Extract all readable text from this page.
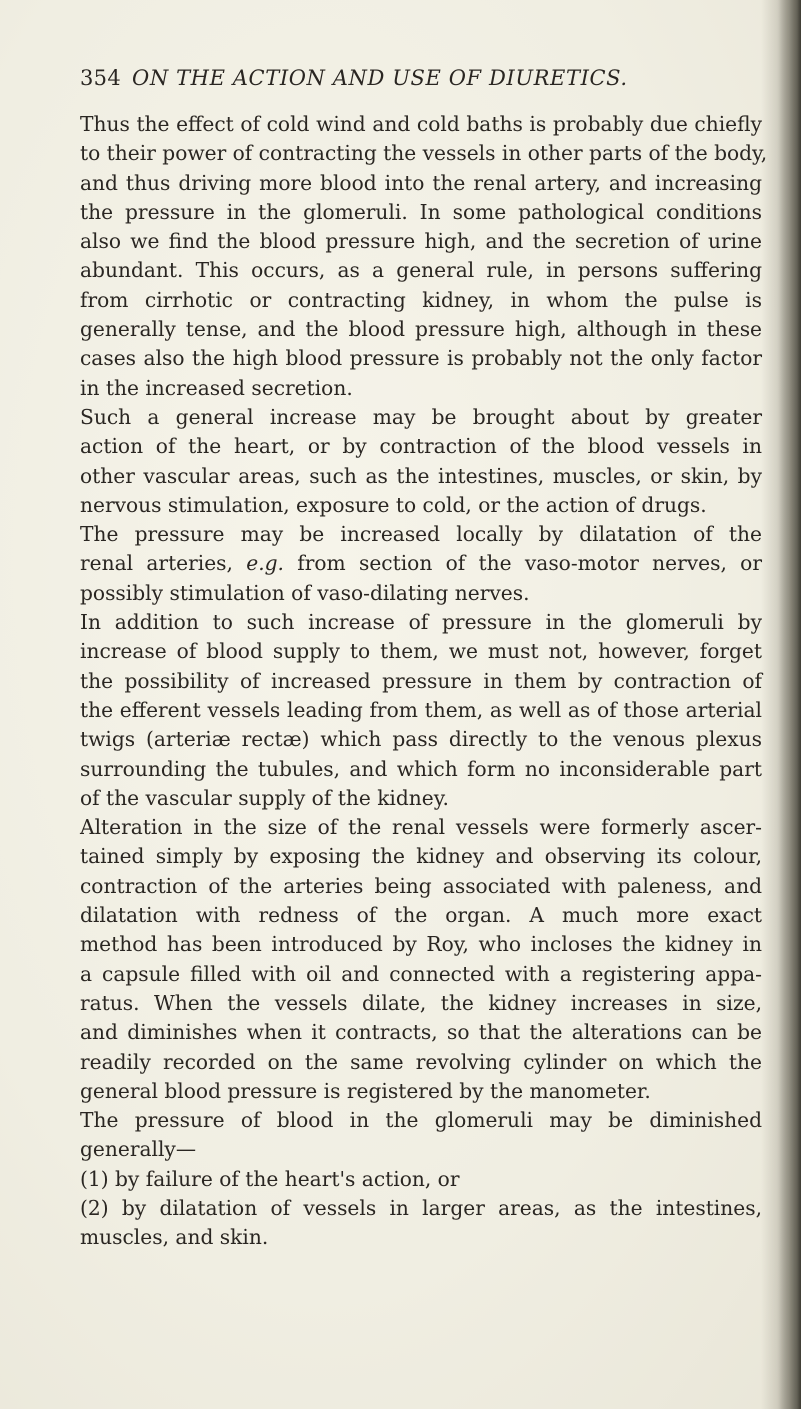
354 ON THE ACTION AND USE OF DIURETICS.
Thus the effect of cold wind and cold baths is probably due chiefly
to their power of contracting the vessels in other parts of the body,
and thus driving more blood into the renal artery, and increasing
the pressure in the glomeruli. In some pathological conditions
also we find the blood pressure high, and the secretion of urine
abundant. This occurs, as a general rule, in persons suffering
from cirrhotic or contracting kidney, in whom the pulse is
generally tense, and the blood pressure high, although in these
cases also the high blood pressure is probably not the only factor
in the increased secretion.
Such a general increase may be brought about by greater
action of the heart, or by contraction of the blood vessels in
other vascular areas, such as the intestines, muscles, or skin, by
nervous stimulation, exposure to cold, or the action of drugs.
The pressure may be increased locally by dilatation of the
renal arteries, e.g. from section of the vaso-motor nerves, or
possibly stimulation of vaso-dilating nerves.
In addition to such increase of pressure in the glomeruli by
increase of blood supply to them, we must not, however, forget
the possibility of increased pressure in them by contraction of
the efferent vessels leading from them, as well as of those arterial
twigs (arteriæ rectæ) which pass directly to the venous plexus
surrounding the tubules, and which form no inconsiderable part
of the vascular supply of the kidney.
Alteration in the size of the renal vessels were formerly ascer-
tained simply by exposing the kidney and observing its colour,
contraction of the arteries being associated with paleness, and
dilatation with redness of the organ. A much more exact
method has been introduced by Roy, who incloses the kidney in
a capsule filled with oil and connected with a registering appa-
ratus. When the vessels dilate, the kidney increases in size,
and diminishes when it contracts, so that the alterations can be
readily recorded on the same revolving cylinder on which the
general blood pressure is registered by the manometer.
The pressure of blood in the glomeruli may be diminished
generally—
(1) by failure of the heart's action, or
(2) by dilatation of vessels in larger areas, as the intestines,
muscles, and skin.
